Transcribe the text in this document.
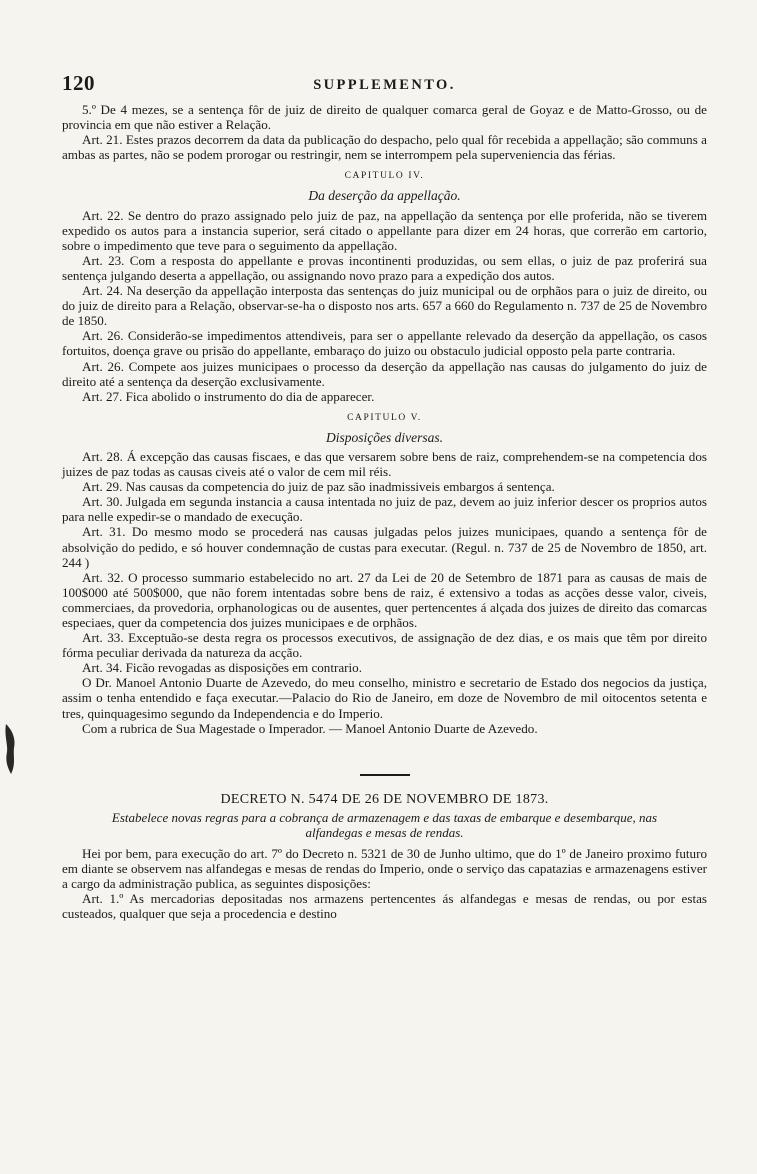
120	SUPPLEMENTO.

5.º De 4 mezes, se a sentença fôr de juiz de direito de qualquer comarca geral de Goyaz e de Matto-Grosso, ou de provincia em que não estiver a Relação.

Art. 21. Estes prazos decorrem da data da publicação do despacho, pelo qual fôr recebida a appellação; são communs a ambas as partes, não se podem prorogar ou restringir, nem se interrompem pela superveniencia das férias.

CAPITULO IV.
Da deserção da appellação.

Art. 22. Se dentro do prazo assignado pelo juiz de paz, na appellação da sentença por elle proferida, não se tiverem expedido os autos para a instancia superior, será citado o appellante para dizer em 24 horas, que correrão em cartorio, sobre o impedimento que teve para o seguimento da appellação.

Art. 23. Com a resposta do appellante e provas incontinenti produzidas, ou sem ellas, o juiz de paz proferirá sua sentença julgando deserta a appellação, ou assignando novo prazo para a expedição dos autos.

Art. 24. Na deserção da appellação interposta das sentenças do juiz municipal ou de orphãos para o juiz de direito, ou do juiz de direito para a Relação, observar-se-ha o disposto nos arts. 657 a 660 do Regulamento n. 737 de 25 de Novembro de 1850.

Art. 26. Considerão-se impedimentos attendiveis, para ser o appellante relevado da deserção da appellação, os casos fortuitos, doença grave ou prisão do appellante, embaraço do juizo ou obstaculo judicial opposto pela parte contraria.

Art. 26. Compete aos juizes municipaes o processo da deserção da appellação nas causas do julgamento do juiz de direito até a sentença da deserção exclusivamente.

Art. 27. Fica abolido o instrumento do dia de apparecer.

CAPITULO V.
Disposições diversas.

Art. 28. Á excepção das causas fiscaes, e das que versarem sobre bens de raiz, comprehendem-se na competencia dos juizes de paz todas as causas civeis até o valor de cem mil réis.

Art. 29. Nas causas da competencia do juiz de paz são inadmissiveis embargos á sentença.

Art. 30. Julgada em segunda instancia a causa intentada no juiz de paz, devem ao juiz inferior descer os proprios autos para nelle expedir-se o mandado de execução.

Art. 31. Do mesmo modo se procederá nas causas julgadas pelos juizes municipaes, quando a sentença fôr de absolvição do pedido, e só houver condemnação de custas para executar. (Regul. n. 737 de 25 de Novembro de 1850, art. 244 )

Art. 32. O processo summario estabelecido no art. 27 da Lei de 20 de Setembro de 1871 para as causas de mais de 100$000 até 500$000, que não forem intentadas sobre bens de raiz, é extensivo a todas as acções desse valor, civeis, commerciaes, da provedoria, orphanologicas ou de ausentes, quer pertencentes á alçada dos juizes de direito das comarcas especiaes, quer da competencia dos juizes municipaes e de orphãos.

Art. 33. Exceptuão-se desta regra os processos executivos, de assignação de dez dias, e os mais que têm por direito fórma peculiar derivada da natureza da acção.

Art. 34. Ficão revogadas as disposições em contrario.

O Dr. Manoel Antonio Duarte de Azevedo, do meu conselho, ministro e secretario de Estado dos negocios da justiça, assim o tenha entendido e faça executar.—Palacio do Rio de Janeiro, em doze de Novembro de mil oitocentos setenta e tres, quinquagesimo segundo da Independencia e do Imperio.

Com a rubrica de Sua Magestade o Imperador. — Manoel Antonio Duarte de Azevedo.

DECRETO N. 5474 DE 26 DE NOVEMBRO DE 1873.
Estabelece novas regras para a cobrança de armazenagem e das taxas de embarque e desembarque, nas alfandegas e mesas de rendas.

Hei por bem, para execução do art. 7º do Decreto n. 5321 de 30 de Junho ultimo, que do 1º de Janeiro proximo futuro em diante se observem nas alfandegas e mesas de rendas do Imperio, onde o serviço das capatazias e armazenagens estiver a cargo da administração publica, as seguintes disposições:

Art. 1.º As mercadorias depositadas nos armazens pertencentes ás alfandegas e mesas de rendas, ou por estas custeados, qualquer que seja a procedencia e destino
